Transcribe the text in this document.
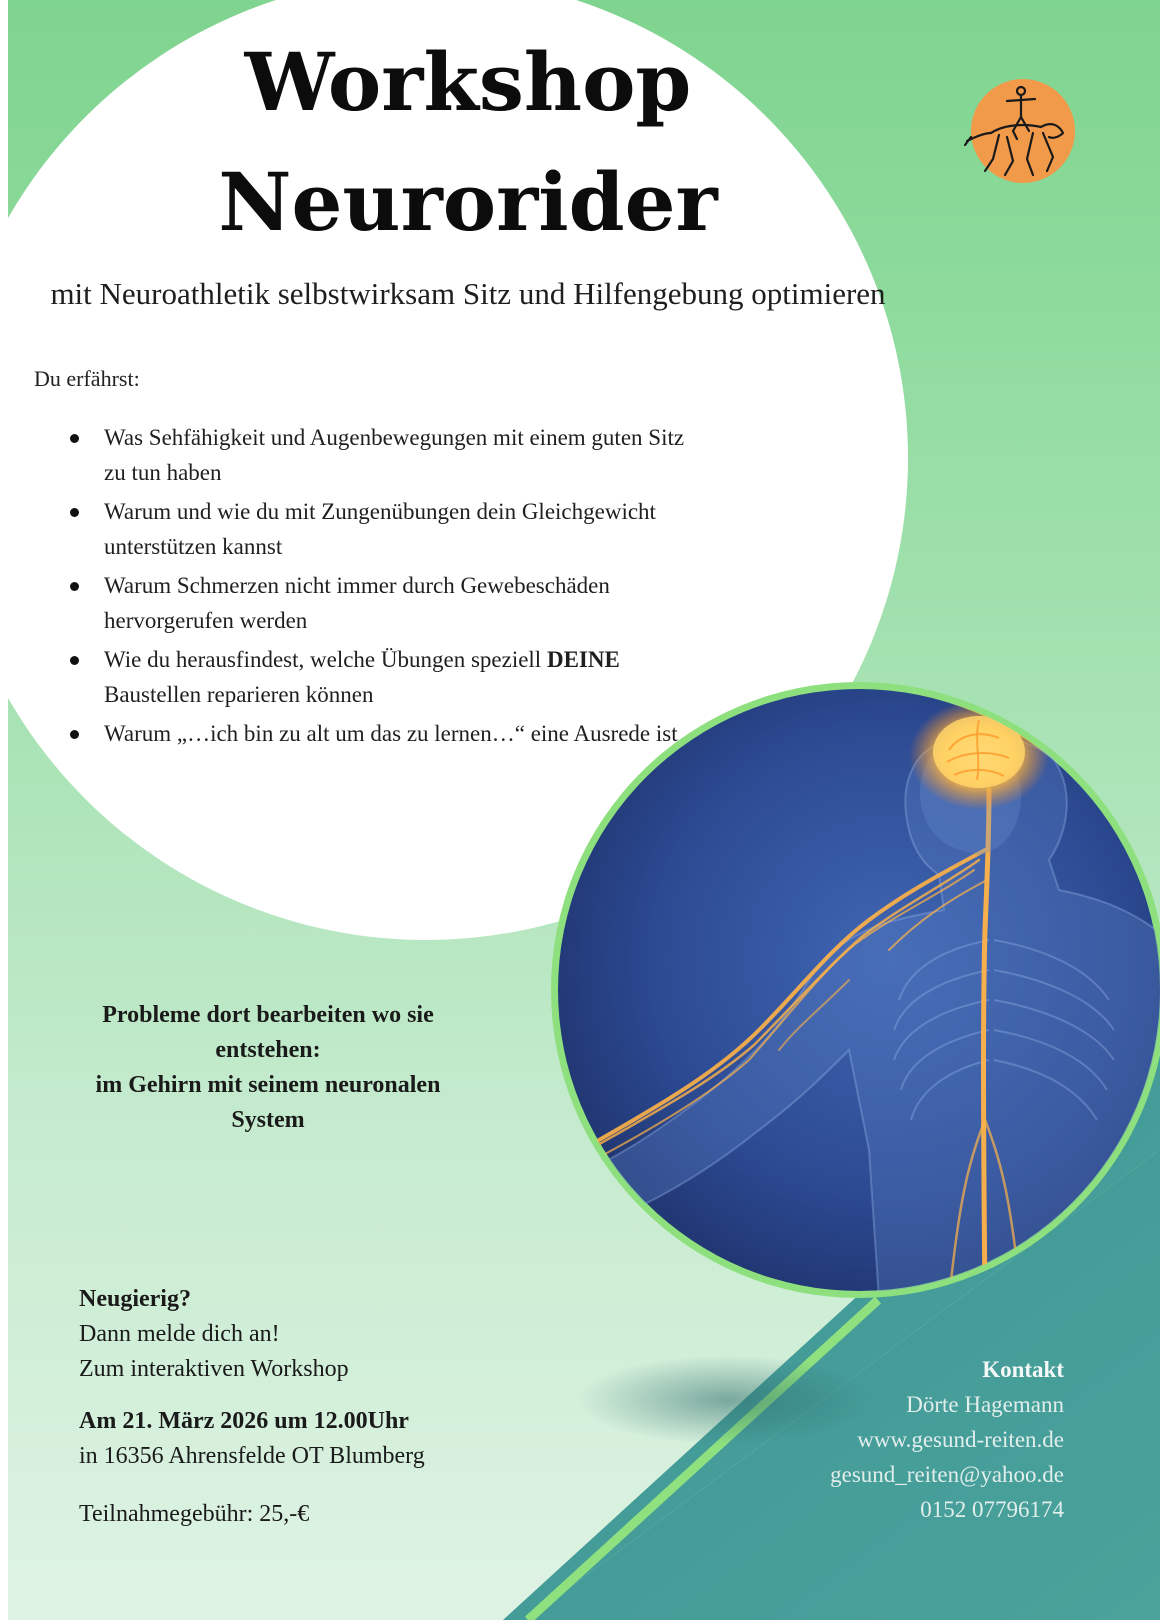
Workshop
Neurorider
mit Neuroathletik selbstwirksam Sitz und Hilfengebung optimieren
Du erfährst:
Was Sehfähigkeit und Augenbewegungen mit einem guten Sitz zu tun haben
Warum und wie du mit Zungenübungen dein Gleichgewicht unterstützen kannst
Warum Schmerzen nicht immer durch Gewebeschäden hervorgerufen werden
Wie du herausfindest, welche Übungen speziell DEINE Baustellen reparieren können
Warum „…ich bin zu alt um das zu lernen…“ eine Ausrede ist
Probleme dort bearbeiten wo sie
entstehen:
im Gehirn mit seinem neuronalen
System
Neugierig?
Dann melde dich an!
Zum interaktiven Workshop
Am 21. März 2026 um 12.00Uhr
in 16356 Ahrensfelde OT Blumberg
Teilnahmegebühr: 25,-€
Kontakt
Dörte Hagemann
www.gesund-reiten.de
gesund_reiten@yahoo.de
0152 07796174
